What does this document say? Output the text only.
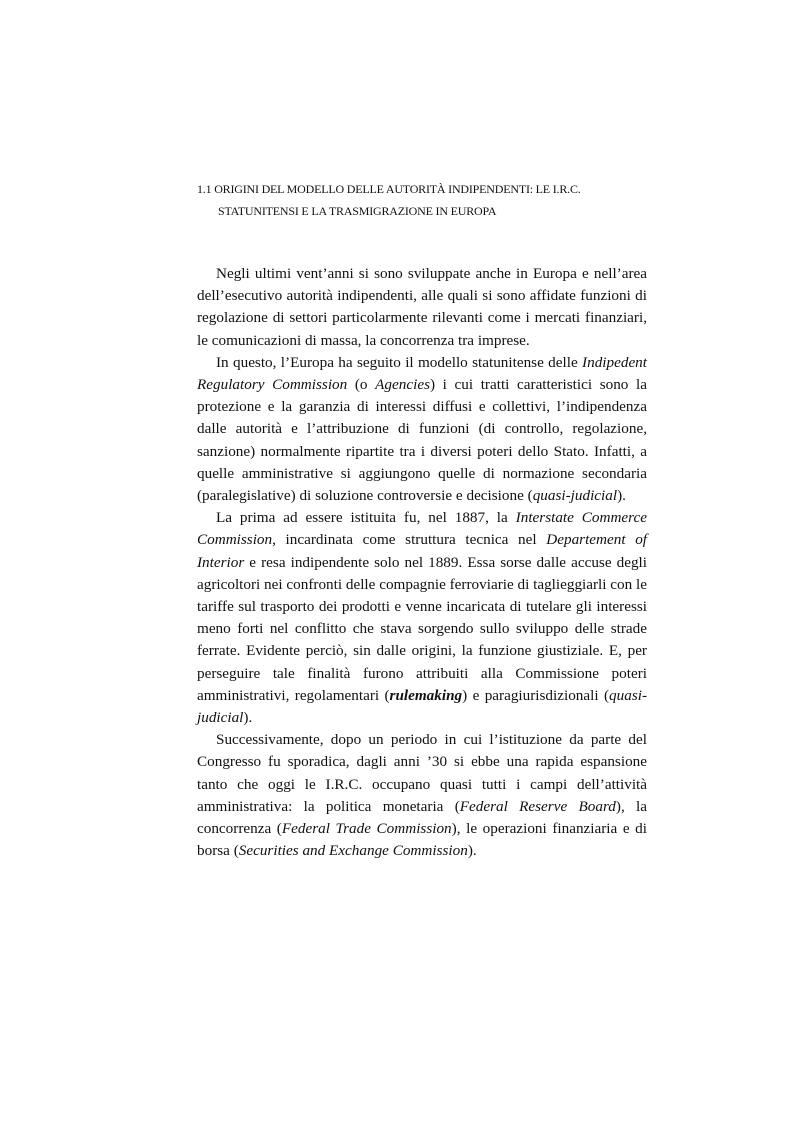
1.1 ORIGINI DEL MODELLO DELLE AUTORITÀ INDIPENDENTI: LE I.R.C.
STATUNITENSI E LA TRASMIGRAZIONE IN EUROPA

Negli ultimi vent’anni si sono sviluppate anche in Europa e nell’area dell’esecutivo autorità indipendenti, alle quali si sono affidate funzioni di regolazione di settori particolarmente rilevanti come i mercati finanziari, le comunicazioni di massa, la concorrenza tra imprese.

In questo, l’Europa ha seguito il modello statunitense delle Indipedent Regulatory Commission (o Agencies) i cui tratti caratteristici sono la protezione e la garanzia di interessi diffusi e collettivi, l’indipendenza dalle autorità e l’attribuzione di funzioni (di controllo, regolazione, sanzione) normalmente ripartite tra i diversi poteri dello Stato. Infatti, a quelle amministrative si aggiungono quelle di normazione secondaria (paralegislative) di soluzione controversie e decisione (quasi-judicial).

La prima ad essere istituita fu, nel 1887, la Interstate Commerce Commission, incardinata come struttura tecnica nel Departement of Interior e resa indipendente solo nel 1889. Essa sorse dalle accuse degli agricoltori nei confronti delle compagnie ferroviarie di taglieggiarli con le tariffe sul trasporto dei prodotti e venne incaricata di tutelare gli interessi meno forti nel conflitto che stava sorgendo sullo sviluppo delle strade ferrate. Evidente perciò, sin dalle origini, la funzione giustiziale. E, per perseguire tale finalità furono attribuiti alla Commissione poteri amministrativi, regolamentari (rulemaking) e paragiurisdizionali (quasi-judicial).

Successivamente, dopo un periodo in cui l’istituzione da parte del Congresso fu sporadica, dagli anni ’30 si ebbe una rapida espansione tanto che oggi le I.R.C. occupano quasi tutti i campi dell’attività amministrativa: la politica monetaria (Federal Reserve Board), la concorrenza (Federal Trade Commission), le operazioni finanziaria e di borsa (Securities and Exchange Commission).
